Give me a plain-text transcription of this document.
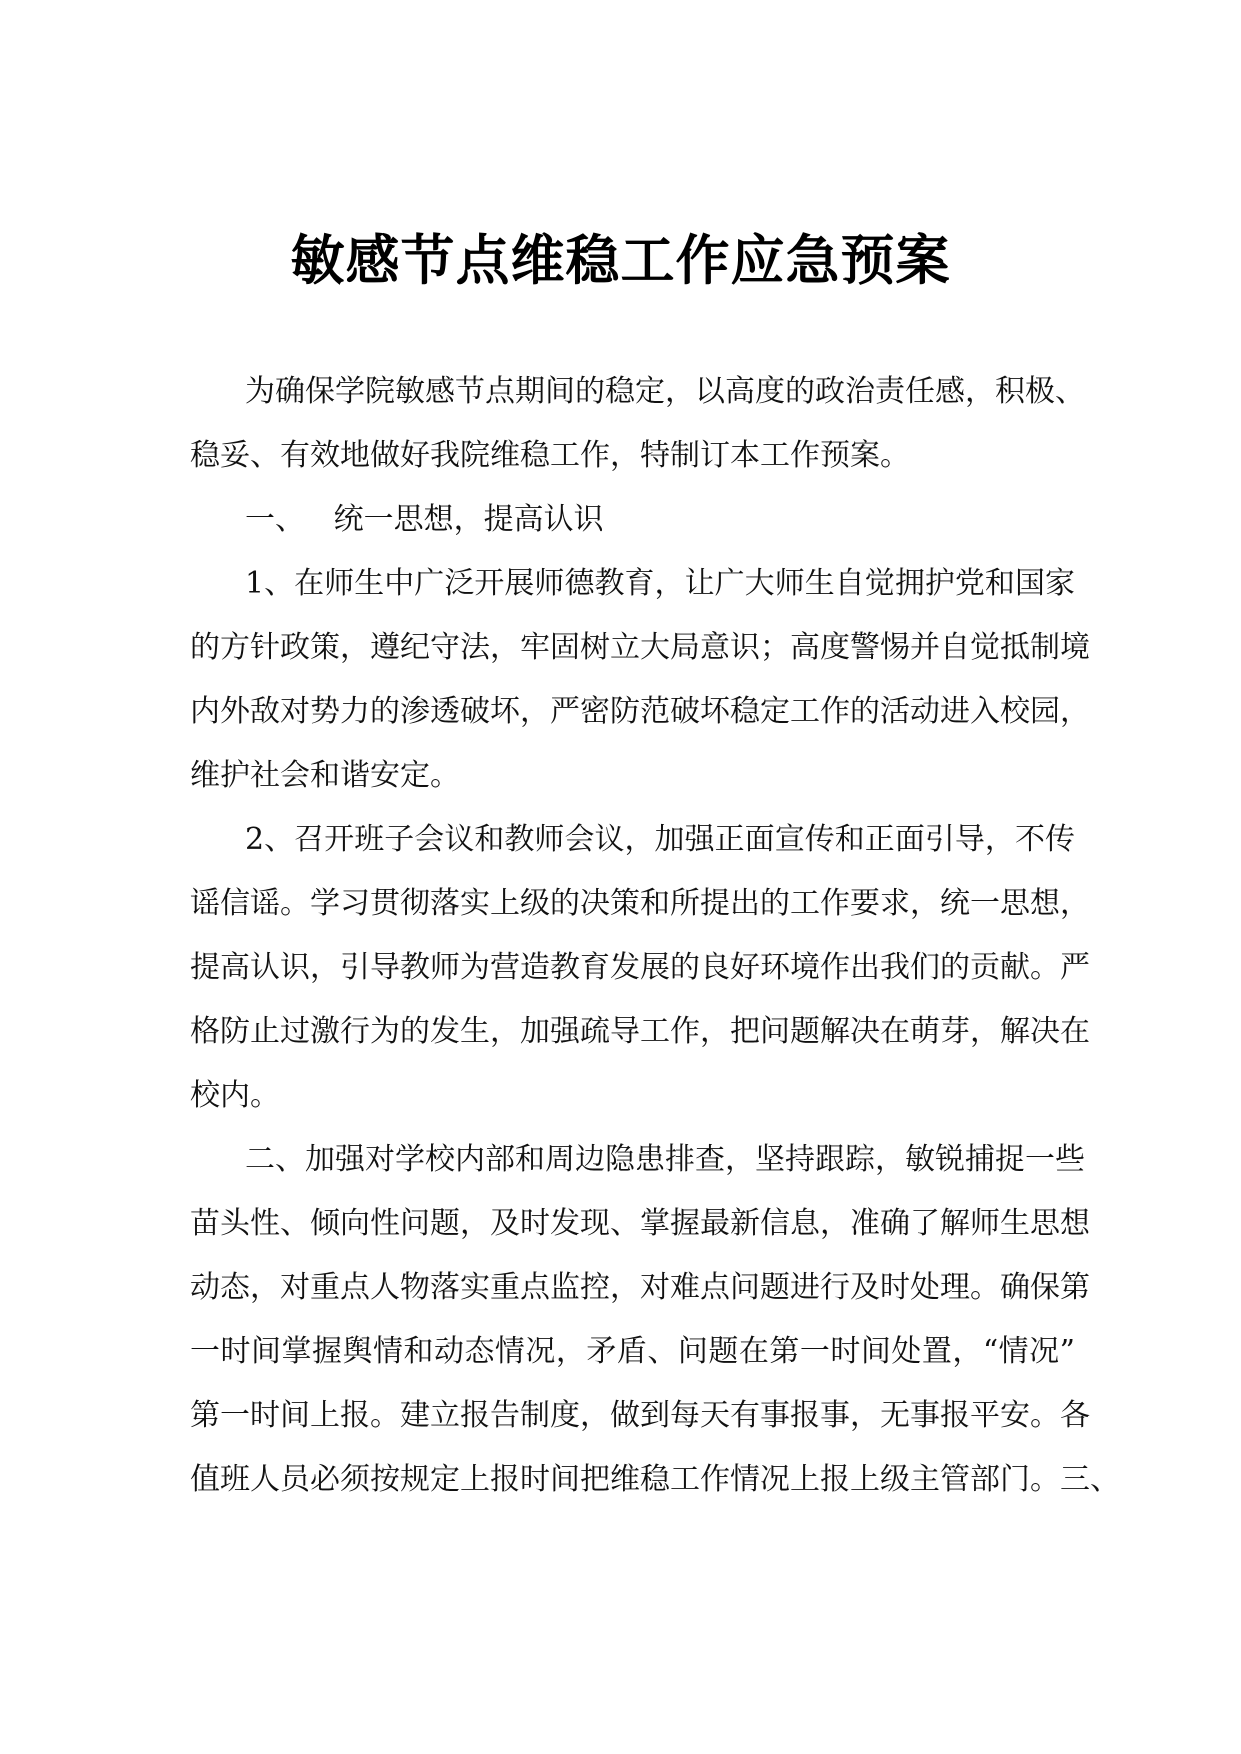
敏感节点维稳工作应急预案
为确保学院敏感节点期间的稳定，以高度的政治责任感，积极、
稳妥、有效地做好我院维稳工作，特制订本工作预案。
一、   统一思想，提高认识
1、在师生中广泛开展师德教育，让广大师生自觉拥护党和国家
的方针政策，遵纪守法，牢固树立大局意识；高度警惕并自觉抵制境
内外敌对势力的渗透破坏，严密防范破坏稳定工作的活动进入校园，
维护社会和谐安定。
2、召开班子会议和教师会议，加强正面宣传和正面引导，不传
谣信谣。学习贯彻落实上级的决策和所提出的工作要求，统一思想，
提高认识，引导教师为营造教育发展的良好环境作出我们的贡献。严
格防止过激行为的发生，加强疏导工作，把问题解决在萌芽，解决在
校内。
二、加强对学校内部和周边隐患排查，坚持跟踪，敏锐捕捉一些
苗头性、倾向性问题，及时发现、掌握最新信息，准确了解师生思想
动态，对重点人物落实重点监控，对难点问题进行及时处理。确保第
一时间掌握舆情和动态情况，矛盾、问题在第一时间处置，“情况”
第一时间上报。建立报告制度，做到每天有事报事，无事报平安。各
值班人员必须按规定上报时间把维稳工作情况上报上级主管部门。三、
